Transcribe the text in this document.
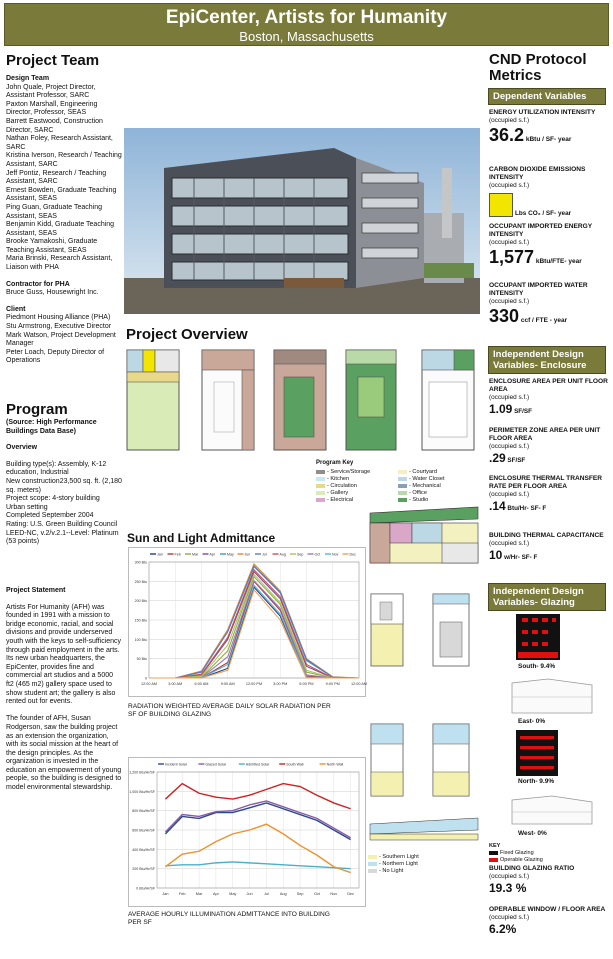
EpiCenter, Artists for Humanity
Boston, Massachusetts
Project Team
Design Team
John Quale, Project Director, Assistant Professor, SARC
Paxton Marshall, Engineering Director, Professor, SEAS
Barrett Eastwood, Construction Director, SARC
Nathan Foley, Research Assistant, SARC
Kristina Iverson, Research / Teaching Assistant, SARC
Jeff Pontiz, Research / Teaching Assistant, SARC
Ernest Bowden, Graduate Teaching Assistant, SEAS
Ping Guan, Graduate Teaching Assistant, SEAS
Benjamin Kidd, Graduate Teaching Assistant, SEAS
Brooke Yamakoshi, Graduate Teaching Assistant, SEAS
Maria Brinski, Research Assistant, Liaison with PHA
Contractor for PHA
Bruce Guss, Housewright Inc.
Client
Piedmont Housing Alliance (PHA)
Stu Armstrong, Executive Director
Mark Watson, Project Development Manager
Peter Loach, Deputy Director of Operations
Program
(Source: High Performance Buildings Data Base)
Overview
Building type(s): Assembly, K-12 education, Industrial
New construction23,500 sq. ft. (2,180 sq. meters)
Project scope: 4-story building
Urban setting
Completed September 2004
Rating: U.S. Green Building Council LEED-NC, v.2/v.2.1--Level: Platinum (53 points)
Project Statement
Artists For Humanity (AFH) was founded in 1991 with a mission to bridge economic, racial, and social divisions and provide underserved youth with the keys to self-sufficiency
through paid employment in the arts. Its new urban headquarters, the EpiCenter, provides fine and commercial art studios and a 5000 ft2 (465 m2) gallery space used to show student art; the gallery is also rented out for events.

The founder of AFH, Susan Rodgerson, saw the building project as an extension the organization, with its social mission at the heart of the design principles. As the organization is invested in the education an empowerment of young people, so the building is designed to model environmental stewardship.
Project Overview
Program Key
- Service/Storage
- Kitchen
- Circulation
- Gallery
- Electrical
- Courtyard
- Water Closet
- Mechanical
- Office
- Studio
Sun and Light Admittance
0
50 Btu
100 Btu
150 Btu
200 Btu
250 Btu
300 Btu
12:00 AM	3:00 AM	6:00 AM	9:00 AM	12:00 PM	3:00 PM	6:00 PM	9:00 PM	12:00 AM
Jan	Feb	Mar	Apr	May	Jun	Jul	Aug	Sep	Oct	Nov	Dec
RADIATION WEIGHTED AVERAGE DAILY SOLAR RADIATION PER SF OF BUILDING GLAZING
0 Btu/Hr/SF
200 Btu/Hr/SF
400 Btu/Hr/SF
600 Btu/Hr/SF
800 Btu/Hr/SF
1,000 Btu/Hr/SF
1,200 Btu/Hr/SF
Jan	Feb	Mar	Apr	May	Jun	Jul	Aug	Sep	Oct	Nov	Dec
Incident Solar	Glazed Solar	Admitted Solar	South Wall	North Wall
AVERAGE HOURLY ILLUMINATION ADMITTANCE INTO BUILDING PER SF
- Southern Light
- Northern Light
- No Light
CND Protocol Metrics
Dependent Variables
ENERGY UTILIZATION INTENSITY
(occupied s.f.)
36.2 kBtu / SF- year
CARBON DIOXIDE EMISSIONS INTENSITY
(occupied s.f.)
Lbs CO₂ / SF- year
OCCUPANT IMPORTED ENERGY INTENSITY
(occupied s.f.)
1,577 kBtu/FTE- year
OCCUPANT IMPORTED WATER INTENSITY
(occupied s.f.)
330 ccf / FTE - year
Independent Design Variables- Enclosure
ENCLOSURE AREA PER UNIT FLOOR AREA
(occupied s.f.)
1.09 SF/SF
PERIMETER ZONE AREA PER UNIT FLOOR AREA
(occupied s.f.)
.29 SF/SF
ENCLOSURE THERMAL TRANSFER RATE PER FLOOR AREA
(occupied s.f.)
.14 Btu/Hr- SF- F
BUILDING THERMAL CAPACITANCE
(occupied s.f.)
10 w/Hr- SF- F
Independent Design Variables- Glazing
South- 9.4%
East- 0%
North- 9.9%
West- 0%
KEY
Fixed Glazing
Operable Glazing
BUILDING GLAZING RATIO
(occupied s.f.)
19.3 %
OPERABLE WINDOW / FLOOR AREA
(occupied s.f.)
6.2%
